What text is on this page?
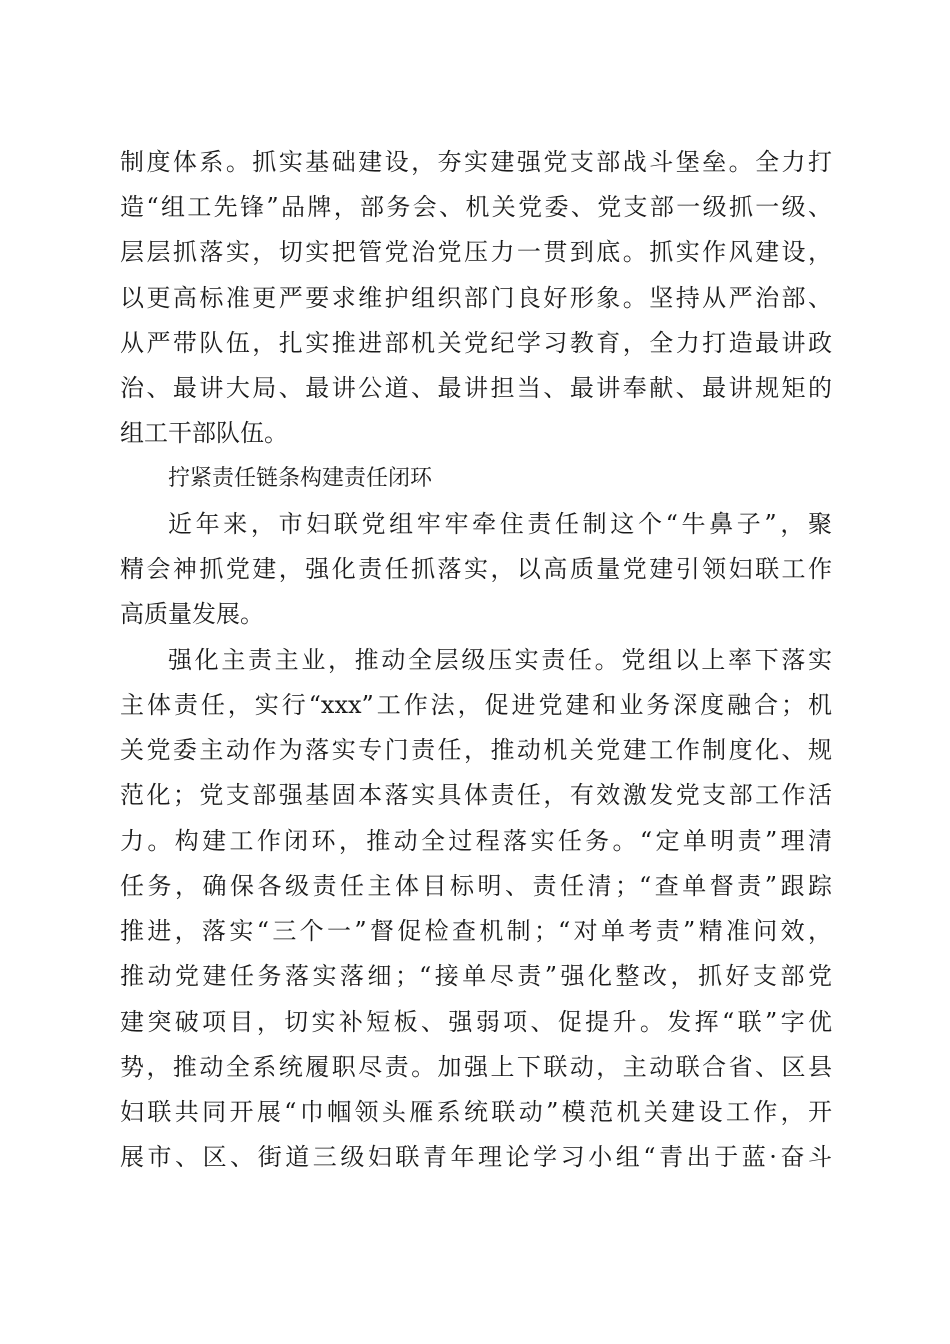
制度体系。抓实基础建设，夯实建强党支部战斗堡垒。全力打
造“组工先锋”品牌，部务会、机关党委、党支部一级抓一级、
层层抓落实，切实把管党治党压力一贯到底。抓实作风建设，
以更高标准更严要求维护组织部门良好形象。坚持从严治部、
从严带队伍，扎实推进部机关党纪学习教育，全力打造最讲政
治、最讲大局、最讲公道、最讲担当、最讲奉献、最讲规矩的
组工干部队伍。
拧紧责任链条构建责任闭环
近年来，市妇联党组牢牢牵住责任制这个“牛鼻子”，聚
精会神抓党建，强化责任抓落实，以高质量党建引领妇联工作
高质量发展。
强化主责主业，推动全层级压实责任。党组以上率下落实
主体责任，实行“xxx”工作法，促进党建和业务深度融合；机
关党委主动作为落实专门责任，推动机关党建工作制度化、规
范化；党支部强基固本落实具体责任，有效激发党支部工作活
力。构建工作闭环，推动全过程落实任务。“定单明责”理清
任务，确保各级责任主体目标明、责任清；“查单督责”跟踪
推进，落实“三个一”督促检查机制；“对单考责”精准问效，
推动党建任务落实落细；“接单尽责”强化整改，抓好支部党
建突破项目，切实补短板、强弱项、促提升。发挥“联”字优
势，推动全系统履职尽责。加强上下联动，主动联合省、区县
妇联共同开展“巾帼领头雁系统联动”模范机关建设工作，开
展市、区、街道三级妇联青年理论学习小组“青出于蓝·奋斗
